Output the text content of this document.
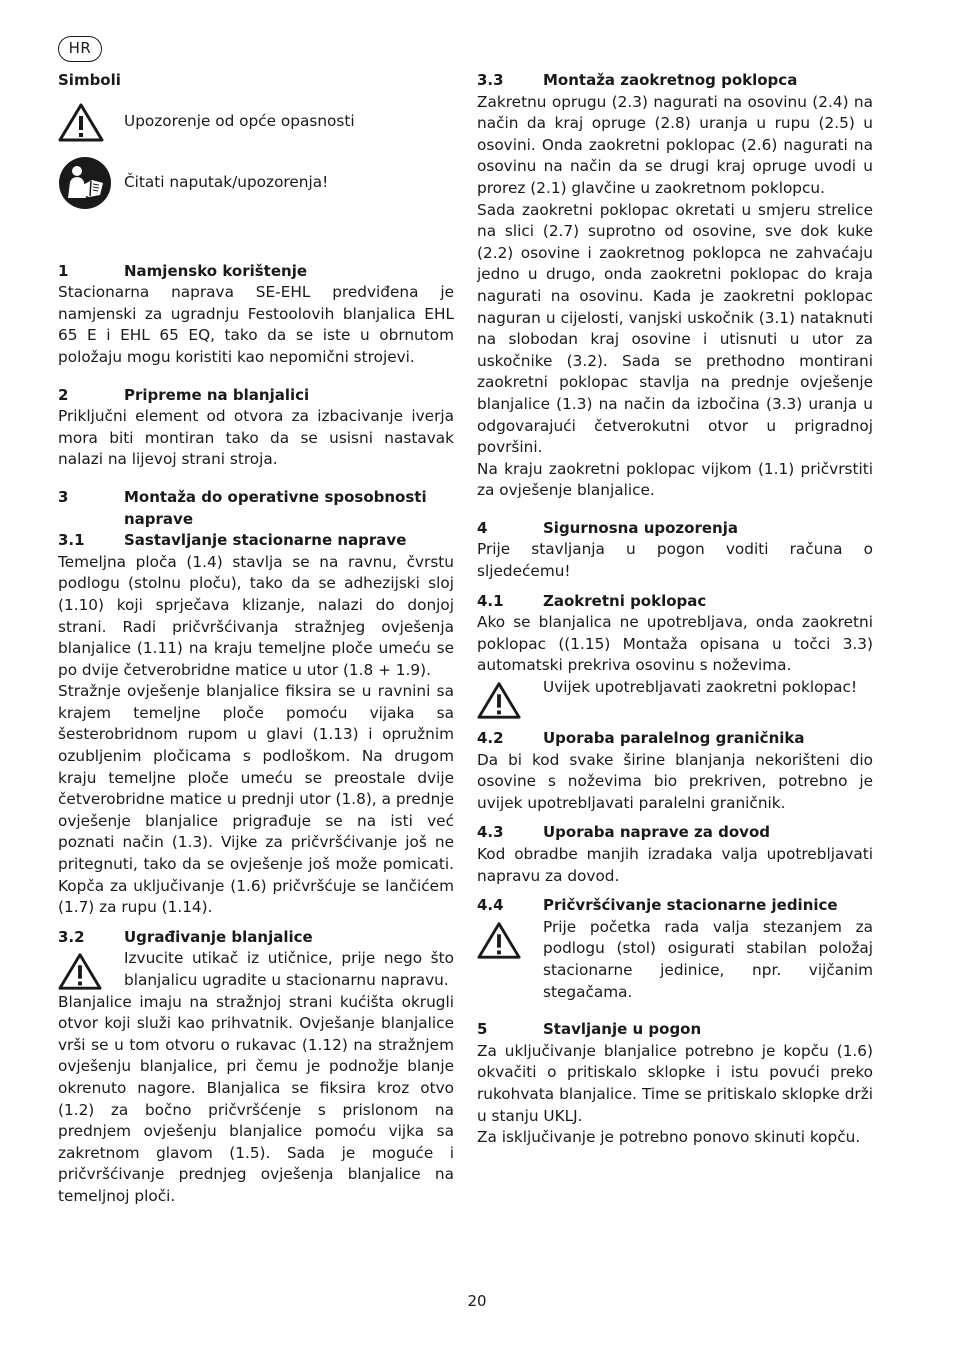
HR
Simboli
Upozorenje od opće opasnosti
Čitati naputak/upozorenja!
1	Namjensko korištenje

Stacionarna naprava SE-EHL predviđena je namjenski za ugradnju Festoolovih blanjalica EHL 65 E i EHL 65 EQ, tako da se iste u obrnutom položaju mogu koristiti kao nepomični strojevi.

2	Pripreme na blanjalici

Priključni element od otvora za izbacivanje iverja mora biti montiran tako da se usisni nastavak nalazi na lijevoj strani stroja.

3	Montaža do operativne sposobnosti naprave
3.1	Sastavljanje stacionarne naprave

Temeljna ploča (1.4) stavlja se na ravnu, čvrstu podlogu (stolnu ploču), tako da se adhezijski sloj (1.10) koji sprječava klizanje, nalazi do donjoj strani. Radi pričvršćivanja stražnjeg ovješenja blanjalice (1.11) na kraju temeljne ploče umeću se po dvije četverobridne matice u utor (1.8 + 1.9).

Stražnje ovješenje blanjalice fiksira se u ravnini sa krajem temeljne ploče pomoću vijaka sa šesterobridnom rupom u glavi (1.13) i opružnim ozubljenim pločicama s podloškom. Na drugom kraju temeljne ploče umeću se preostale dvije četverobridne matice u prednji utor (1.8), a prednje ovješenje blanjalice prigrađuje se na isti već poznati način (1.3). Vijke za pričvršćivanje još ne pritegnuti, tako da se ovješenje još može pomicati. Kopča za uključivanje (1.6) pričvršćuje se lančićem (1.7) za rupu (1.14).

3.2	Ugrađivanje blanjalice

Izvucite utikač iz utičnice, prije nego što blanjalicu ugradite u stacionarnu napravu.

Blanjalice imaju na stražnjoj strani kućišta okrugli otvor koji služi kao prihvatnik. Ovješanje blanjalice vrši se u tom otvoru o rukavac (1.12) na stražnjem ovješenju blanjalice, pri čemu je podnožje blanje okrenuto nagore. Blanjalica se fiksira kroz otvo (1.2) za bočno pričvršćenje s prislonom na prednjem ovješenju blanjalice pomoću vijka sa zakretnom glavom (1.5). Sada je moguće i pričvršćivanje prednjeg ovješenja blanjalice na temeljnoj ploči.

3.3	Montaža zaokretnog poklopca

Zakretnu oprugu (2.3) nagurati na osovinu (2.4) na način da kraj opruge (2.8) uranja u rupu (2.5) u osovini. Onda zaokretni poklopac (2.6) nagurati na osovinu na način da se drugi kraj opruge uvodi u prorez (2.1) glavčine u zaokretnom poklopcu.

Sada zaokretni poklopac okretati u smjeru strelice na slici (2.7) suprotno od osovine, sve dok kuke (2.2) osovine i zaokretnog poklopca ne zahvaćaju jedno u drugo, onda zaokretni poklopac do kraja nagurati na osovinu. Kada je zaokretni poklopac naguran u cijelosti, vanjski uskočnik (3.1) nataknuti na slobodan kraj osovine i utisnuti u utor za uskočnike (3.2). Sada se prethodno montirani zaokretni poklopac stavlja na prednje ovješenje blanjalice (1.3) na način da izbočina (3.3) uranja u odgovarajući četverokutni otvor u prigradnoj površini.

Na kraju zaokretni poklopac vijkom (1.1) pričvrstiti za ovješenje blanjalice.

4	Sigurnosna upozorenja

Prije stavljanja u pogon voditi računa o sljedećemu!

4.1	Zaokretni poklopac

Ako se blanjalica ne upotrebljava, onda zaokretni poklopac ((1.15) Montaža opisana u točci 3.3) automatski prekriva osovinu s noževima.

Uvijek upotrebljavati zaokretni poklopac!

4.2	Uporaba paralelnog graničnika

Da bi kod svake širine blanjanja nekorišteni dio osovine s noževima bio prekriven, potrebno je uvijek upotrebljavati paralelni graničnik.

4.3	Uporaba naprave za dovod

Kod obradbe manjih izradaka valja upotrebljavati napravu za dovod.

4.4	Pričvršćivanje stacionarne jedinice

Prije početka rada valja stezanjem za podlogu (stol) osigurati stabilan položaj stacionarne jedinice, npr. vijčanim stegačama.

5	Stavljanje u pogon

Za uključivanje blanjalice potrebno je kopču (1.6) okvačiti o pritiskalo sklopke i istu povući preko rukohvata blanjalice. Time se pritiskalo sklopke drži u stanju UKLJ.

Za isključivanje je potrebno ponovo skinuti kopču.

20
